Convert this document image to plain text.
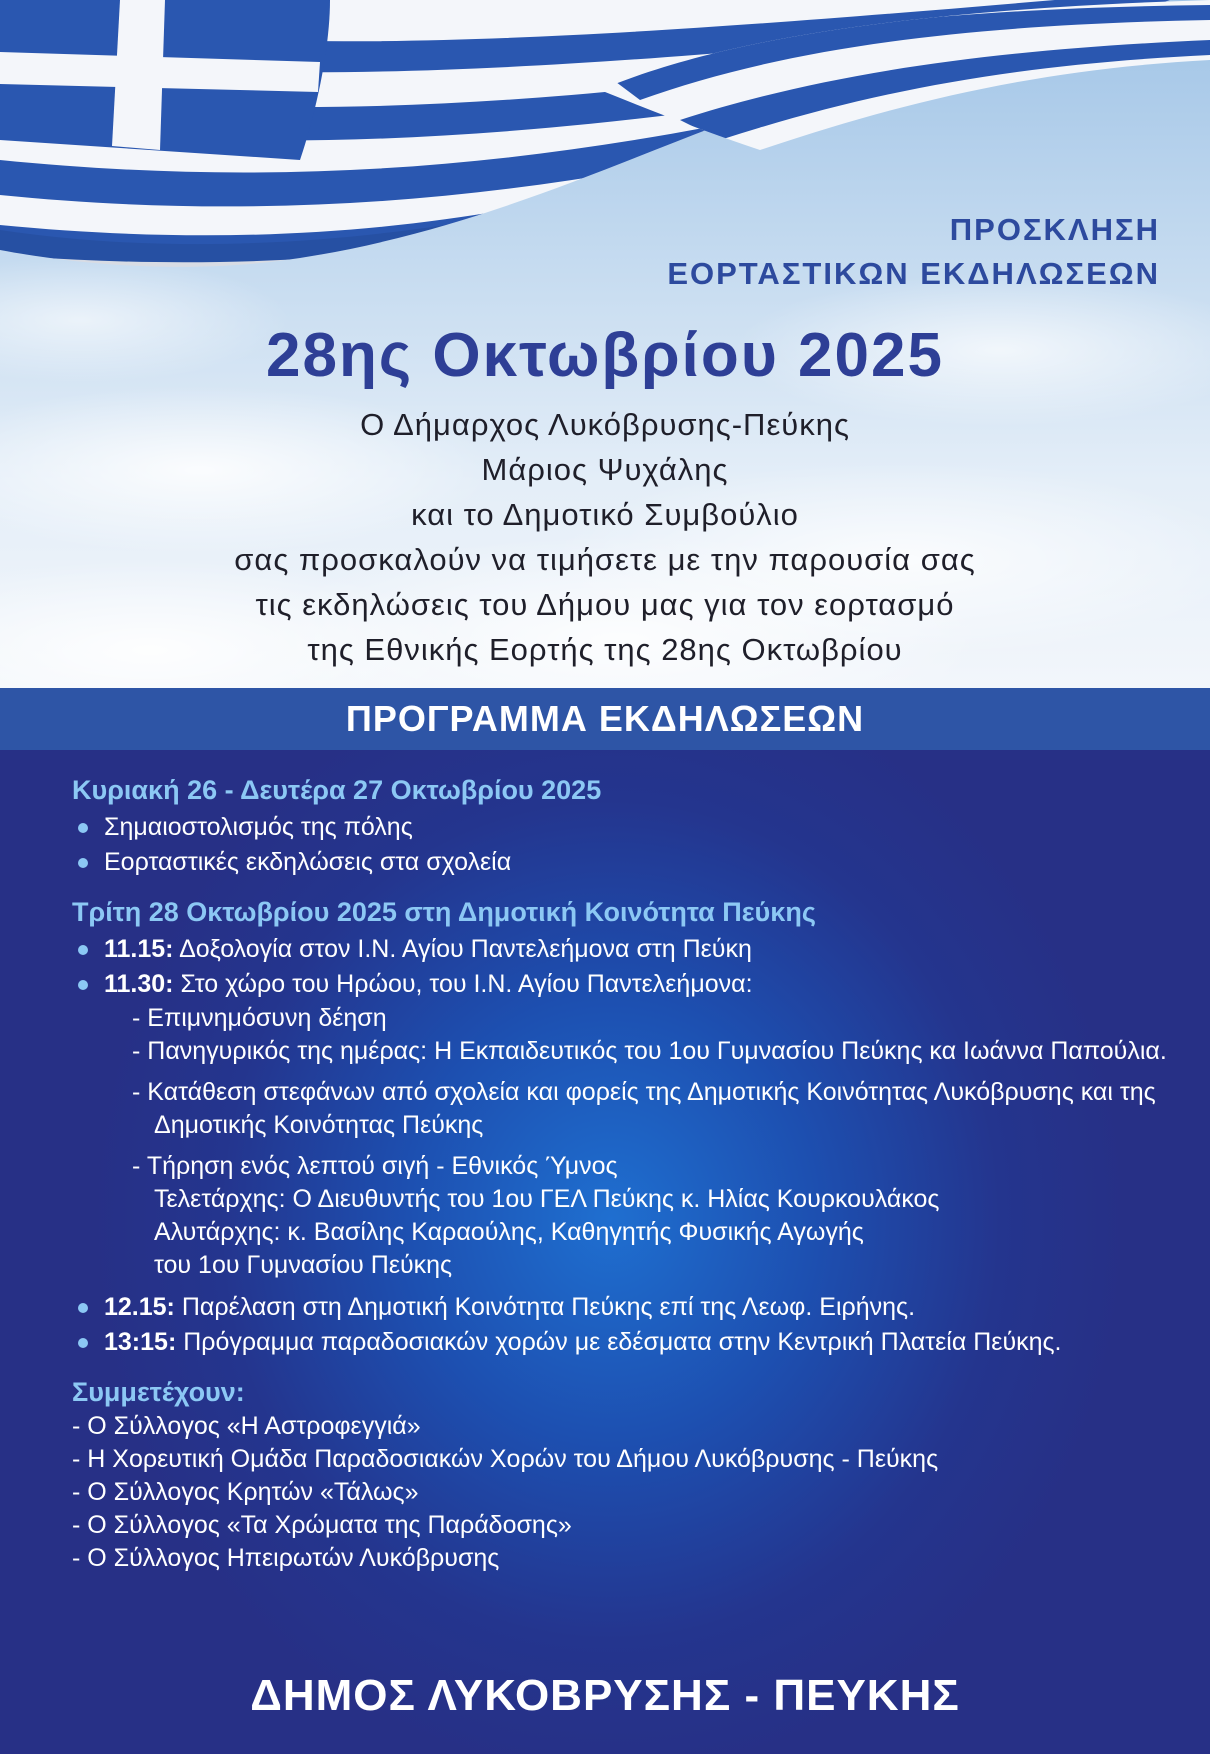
ΠΡΟΣΚΛΗΣΗ
ΕΟΡΤΑΣΤΙΚΩΝ ΕΚΔΗΛΩΣΕΩΝ
28ης Οκτωβρίου 2025
Ο Δήμαρχος Λυκόβρυσης-Πεύκης
Μάριος Ψυχάλης
και το Δημοτικό Συμβούλιο
σας προσκαλούν να τιμήσετε με την παρουσία σας
τις εκδηλώσεις του Δήμου μας για τον εορτασμό
της Εθνικής Εορτής της 28ης Οκτωβρίου
ΠΡΟΓΡΑΜΜΑ ΕΚΔΗΛΩΣΕΩΝ
Κυριακή 26 - Δευτέρα 27 Οκτωβρίου 2025
Σημαιοστολισμός της πόλης
Εορταστικές εκδηλώσεις στα σχολεία
Τρίτη 28 Οκτωβρίου 2025 στη Δημοτική Κοινότητα Πεύκης
11.15: Δοξολογία στον Ι.Ν. Αγίου Παντελεήμονα στη Πεύκη
11.30: Στο χώρο του Ηρώου, του Ι.Ν. Αγίου Παντελεήμονα:
- Επιμνημόσυνη δέηση
- Πανηγυρικός της ημέρας: Η Εκπαιδευτικός του 1ου Γυμνασίου Πεύκης κα Ιωάννα Παπούλια.
- Κατάθεση στεφάνων από σχολεία και φορείς της Δημοτικής Κοινότητας Λυκόβρυσης και της Δημοτικής Κοινότητας Πεύκης
- Τήρηση ενός λεπτού σιγή - Εθνικός Ύμνος
Τελετάρχης: Ο Διευθυντής του 1ου ΓΕΛ Πεύκης κ. Ηλίας Κουρκουλάκος
Αλυτάρχης: κ. Βασίλης Καραούλης, Καθηγητής Φυσικής Αγωγής
του 1ου Γυμνασίου Πεύκης
12.15: Παρέλαση στη Δημοτική Κοινότητα Πεύκης επί της Λεωφ. Ειρήνης.
13:15: Πρόγραμμα παραδοσιακών χορών με εδέσματα στην Κεντρική Πλατεία Πεύκης.
Συμμετέχουν:
- Ο Σύλλογος «Η Αστροφεγγιά»
- Η Χορευτική Ομάδα Παραδοσιακών Χορών του Δήμου Λυκόβρυσης - Πεύκης
- Ο Σύλλογος Κρητών «Τάλως»
- Ο Σύλλογος «Τα Χρώματα της Παράδοσης»
- Ο Σύλλογος Ηπειρωτών Λυκόβρυσης
ΔΗΜΟΣ ΛΥΚΟΒΡΥΣΗΣ - ΠΕΥΚΗΣ
